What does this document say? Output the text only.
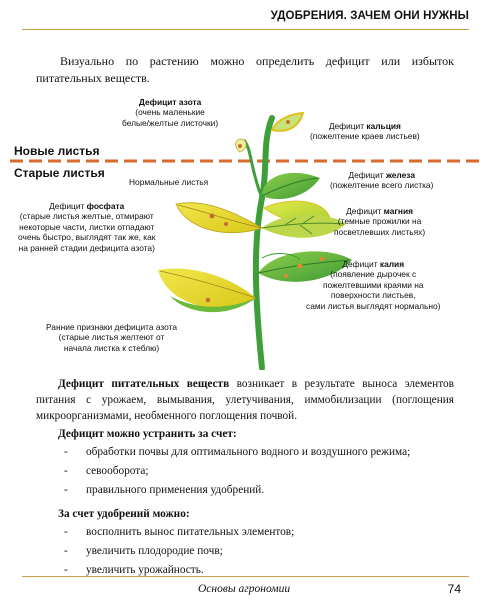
УДОБРЕНИЯ. ЗАЧЕМ ОНИ НУЖНЫ
Визуально по растению можно определить дефицит или избыток питательных веществ.
Новые листья
Старые листья
Дефицит азота
(очень маленькие
белые/желтые листочки)	Дефицит кальция
(пожелтение краев листьев)
Нормальные листья
Дефицит железа
(пожелтение всего листка)
Дефицит фосфата
(старые листья желтые, отмирают
некоторые части, листки отпадают
очень быстро, выглядят так же, как
на ранней стадии дефицита азота)
Дефицит магния
(темные прожилки на
посветлевших листьях)
Дефицит калия
(появление дырочек с
пожелтевшими краями на
поверхности листьев,
сами листья выглядят нормально)
Ранние признаки дефицита азота
(старые листья желтеют от
начала листка к стеблю)

Дефицит питательных веществ возникает в результате выноса элементов питания с урожаем, вымывания, улетучивания, иммобилизации (поглощения микроорганизмами, необменного поглощения почвой.

Дефицит можно устранить за счет:
- обработки почвы для оптимального водного и воздушного режима;
- севооборота;
- правильного применения удобрений.
За счет удобрений можно:
- восполнить вынос питательных элементов;
- увеличить плодородие почв;
- увеличить урожайность.
Основы агрономии	74
